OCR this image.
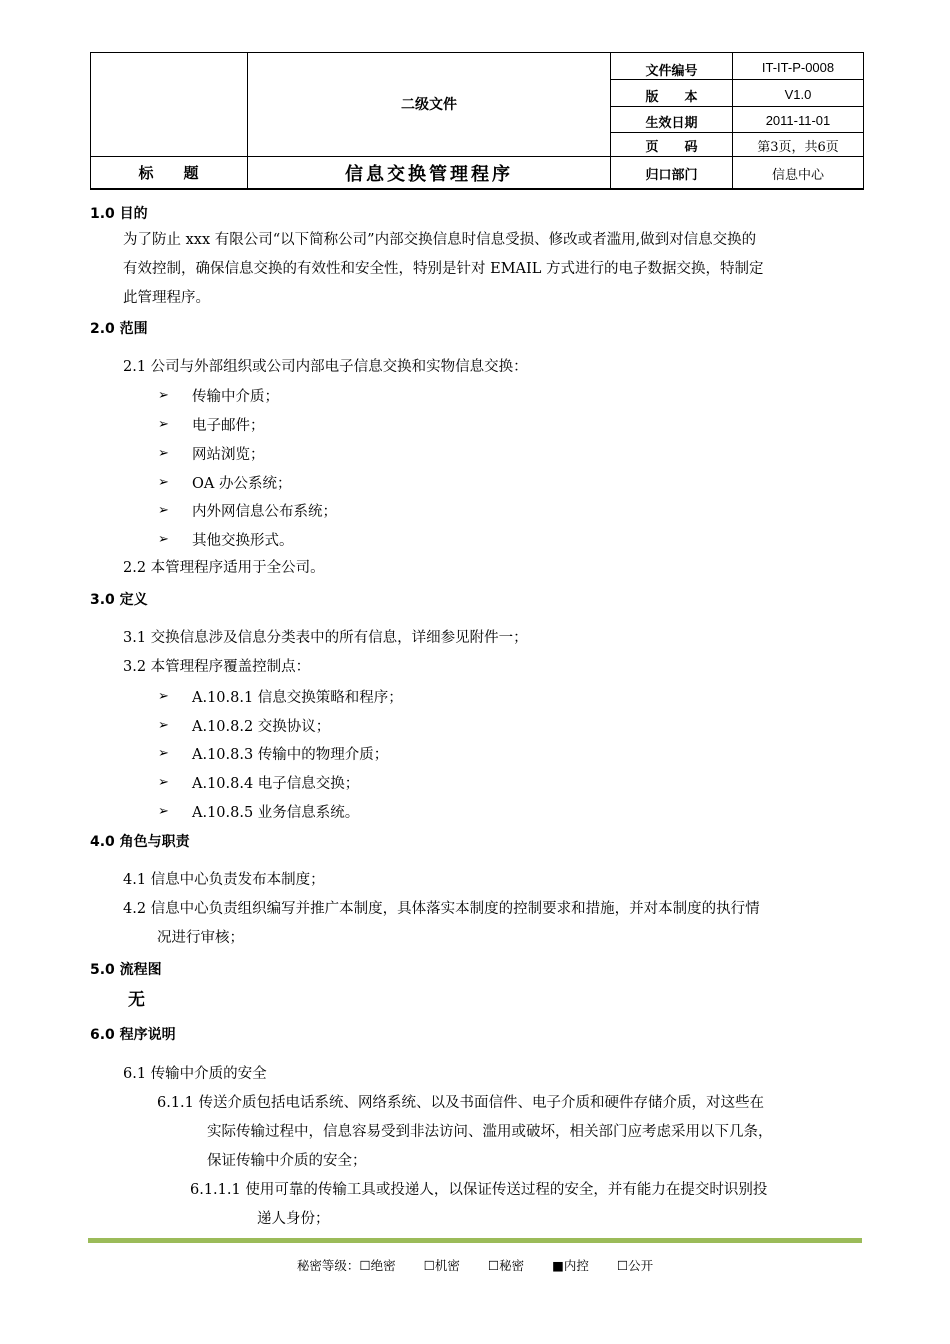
二级文件
标　　题	信息交换管理程序
文件编号	IT-IT-P-0008
版　　本	V1.0
生效日期	2011-11-01
页　　码	第3页，共6页
归口部门	信息中心
1.0 目的
为了防止 xxx 有限公司“以下简称公司”内部交换信息时信息受损、修改或者滥用,做到对信息交换的
有效控制，确保信息交换的有效性和安全性，特别是针对 EMAIL 方式进行的电子数据交换，特制定
此管理程序。
2.0 范围
2.1 公司与外部组织或公司内部电子信息交换和实物信息交换：
➢	传输中介质；
➢	电子邮件；
➢	网站浏览；
➢	OA 办公系统；
➢	内外网信息公布系统；
➢	其他交换形式。
2.2 本管理程序适用于全公司。
3.0 定义
3.1 交换信息涉及信息分类表中的所有信息，详细参见附件一；
3.2 本管理程序覆盖控制点：
➢	A.10.8.1 信息交换策略和程序；
➢	A.10.8.2 交换协议；
➢	A.10.8.3 传输中的物理介质；
➢	A.10.8.4 电子信息交换；
➢	A.10.8.5 业务信息系统。
4.0 角色与职责
4.1 信息中心负责发布本制度；
4.2 信息中心负责组织编写并推广本制度，具体落实本制度的控制要求和措施，并对本制度的执行情
况进行审核；
5.0 流程图
无
6.0 程序说明
6.1 传输中介质的安全
6.1.1 传送介质包括电话系统、网络系统、以及书面信件、电子介质和硬件存储介质，对这些在
实际传输过程中，信息容易受到非法访问、滥用或破坏，相关部门应考虑采用以下几条，
保证传输中介质的安全；
6.1.1.1 使用可靠的传输工具或投递人，以保证传送过程的安全，并有能力在提交时识别投
递人身份；
秘密等级： ☐绝密 ☐机密 ☐秘密 ■内控 ☐公开
